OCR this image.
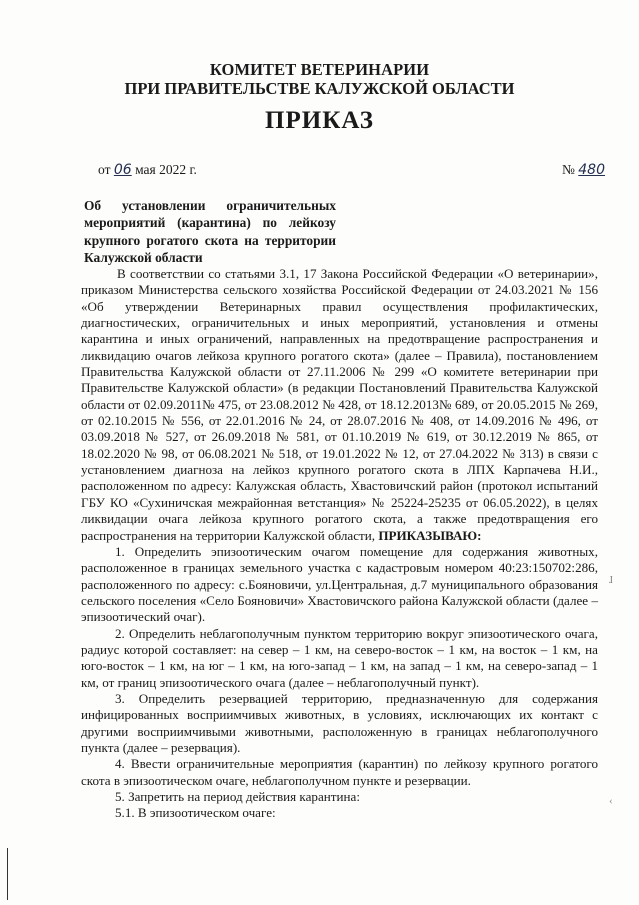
КОМИТЕТ ВЕТЕРИНАРИИ
ПРИ ПРАВИТЕЛЬСТВЕ КАЛУЖСКОЙ ОБЛАСТИ
ПРИКАЗ
от 06 мая 2022 г.	№ 480
Об установлении ограничительных мероприятий (карантина) по лейкозу крупного рогатого скота на территории Калужской области

В соответствии со статьями 3.1, 17 Закона Российской Федерации «О ветеринарии», приказом Министерства сельского хозяйства Российской Федерации от 24.03.2021 № 156 «Об утверждении Ветеринарных правил осуществления профилактических, диагностических, ограничительных и иных мероприятий, установления и отмены карантина и иных ограничений, направленных на предотвращение распространения и ликвидацию очагов лейкоза крупного рогатого скота» (далее – Правила), постановлением Правительства Калужской области от 27.11.2006 № 299 «О комитете ветеринарии при Правительстве Калужской области» (в редакции Постановлений Правительства Калужской области от 02.09.2011№ 475, от 23.08.2012 № 428, от 18.12.2013№ 689, от 20.05.2015 № 269, от 02.10.2015 № 556, от 22.01.2016 № 24, от 28.07.2016 № 408, от 14.09.2016 № 496, от 03.09.2018 № 527, от 26.09.2018 № 581, от 01.10.2019 № 619, от 30.12.2019 № 865, от 18.02.2020 № 98, от 06.08.2021 № 518, от 19.01.2022 № 12, от 27.04.2022 № 313) в связи с установлением диагноза на лейкоз крупного рогатого скота в ЛПХ Карпачева Н.И., расположенном по адресу: Калужская область, Хвастовичский район (протокол испытаний ГБУ КО «Сухиничская межрайонная ветстанция» № 25224-25235 от 06.05.2022), в целях ликвидации очага лейкоза крупного рогатого скота, а также предотвращения его распространения на территории Калужской области, ПРИКАЗЫВАЮ:

1. Определить эпизоотическим очагом помещение для содержания животных, расположенное в границах земельного участка с кадастровым номером 40:23:150702:286, расположенного по адресу: с.Бояновичи, ул.Центральная, д.7 муниципального образования сельского поселения «Село Бояновичи» Хвастовичского района Калужской области (далее – эпизоотический очаг).

2. Определить неблагополучным пунктом территорию вокруг эпизоотического очага, радиус которой составляет: на север – 1 км, на северо-восток – 1 км, на восток – 1 км, на юго-восток – 1 км, на юг – 1 км, на юго-запад – 1 км, на запад – 1 км, на северо-запад – 1 км, от границ эпизоотического очага (далее – неблагополучный пункт).

3. Определить резервацией территорию, предназначенную для содержания инфицированных восприимчивых животных, в условиях, исключающих их контакт с другими восприимчивыми животными, расположенную в границах неблагополучного пункта (далее – резервация).

4. Ввести ограничительные мероприятия (карантин) по лейкозу крупного рогатого скота в эпизоотическом очаге, неблагополучном пункте и резервации.

5. Запретить на период действия карантина:

5.1. В эпизоотическом очаге:

ɺ
‹
